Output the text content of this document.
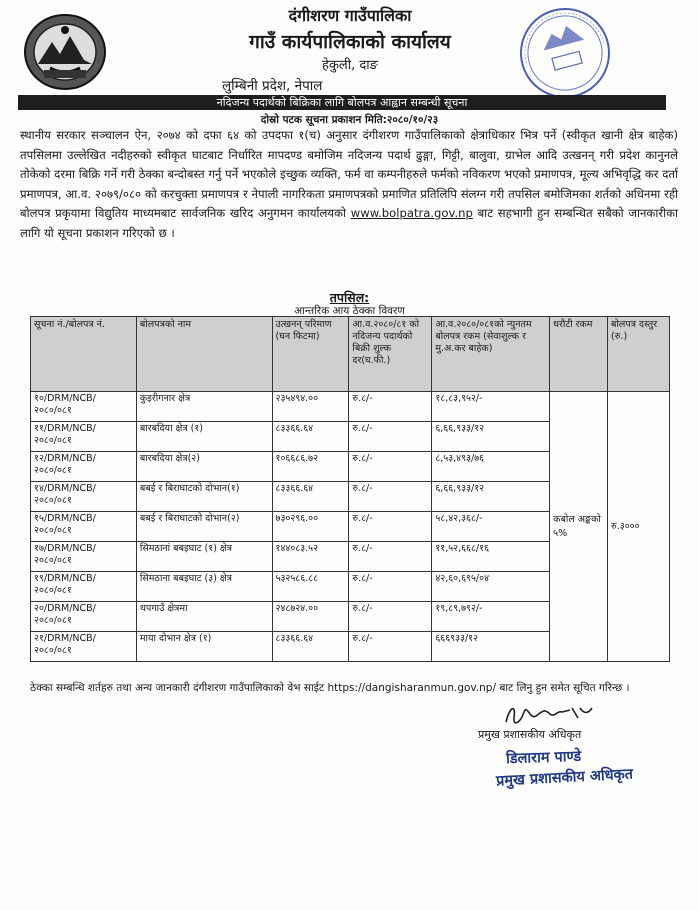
दंगीशरण गाउँपालिका
गाउँ कार्यपालिकाको कार्यालय
हेकुली, दाङ
लुम्बिनी प्रदेश, नेपाल
नदिजन्य पदार्थको बिक्रिका लागि बोलपत्र आह्वान सम्बन्धी सूचना
दोस्रो पटक सूचना प्रकाशन मिति:२०८०/१०/२३
स्थानीय सरकार सञ्चालन ऐन, २०७४ को दफा ६४ को उपदफा १(च) अनुसार दंगीशरण गाउँपालिकाको क्षेत्राधिकार भित्र पर्ने (स्वीकृत खानी क्षेत्र बाहेक) तपसिलमा उल्लेखित नदीहरुको स्वीकृत घाटबाट निर्धारित मापदण्ड बमोजिम नदिजन्य पदार्थ ढुङ्गा, गिट्टी, बालुवा, ग्राभेल आदि उत्खनन् गरी प्रदेश कानुनले तोकेको दरमा बिक्रि गर्ने गरी ठेक्का बन्दोबस्त गर्नु पर्ने भएकोले इच्छुक व्यक्ति, फर्म वा कम्पनीहरुले फर्मको नविकरण भएको प्रमाणपत्र, मूल्य अभिवृद्धि कर दर्ता प्रमाणपत्र, आ.व. २०७९/०८० को करचुक्ता प्रमाणपत्र र नेपाली नागरिकता प्रमाणपत्रको प्रमाणित प्रतिलिपि संलग्न गरी तपसिल बमोजिमका शर्तको अधिनमा रही बोलपत्र प्रकृयामा विद्युतिय माध्यमबाट सार्वजनिक खरिद अनुगमन कार्यालयको www.bolpatra.gov.np बाट सहभागी हुन सम्बन्धित सबैको जानकारीका लागि यो सूचना प्रकाशन गरिएको छ ।
तपसिल:
आन्तरिक आय ठेक्का विवरण
सूचना नं./बोलपत्र नं.	बोलपत्रको नाम	उत्खनन् परिमाण (घन फिटमा)	आ.व.२०८०/८१ को नदिजन्य पदार्थको बिक्री शुल्क दर(घ.फी.)	आ.व.२०८०/०८१को न्युनतम बोलपत्र रकम (सेवाशुल्क र मु.अ.कर बाहेक)	धरौटी रकम	बोलपत्र दस्तुर (रु.)
१०/DRM/NCB/२०८०/०८१	कुइरीगनार क्षेत्र	२३५४९४.००	रु.८/-	१८,८३,९५२/-	कबोल अङ्कको ५%	रु.३०००
११/DRM/NCB/२०८०/०८१	बारबदिया क्षेत्र (१)	८३३६६.६४	रु.८/-	६,६६,९३३/१२		
१२/DRM/NCB/२०८०/०८१	बारबदिया क्षेत्र(२)	१०६६८६.७२	रु.८/-	८,५३,४९३/७६		
१४/DRM/NCB/२०८०/०८१	बबई र बिराघाटको दोभान(१)	८३३६६.६४	रु.८/-	६,६६,९३३/१२		
१५/DRM/NCB/२०८०/०८१	बबई र बिराघाटको दोभान(२)	७३०२९६.००	रु.८/-	५८,४२,३६८/-		
१७/DRM/NCB/२०८०/०८१	सिमठानां बबइघाट (१) क्षेत्र	१४४०८३.५२	रु.८/-	११,५२,६६८/१६		
१९/DRM/NCB/२०८०/०८१	सिमठाना बबइघाट (३) क्षेत्र	५३२५८६.८८	रु.८/-	४२,६०,६९५/०४		
२०/DRM/NCB/२०८०/०८१	थपगाउँ क्षेत्रमा	२४८७२४.००	रु.८/-	१९,८९,७९२/-		
२१/DRM/NCB/२०८०/०८१	माया दोभान क्षेत्र (१)	८३३६६.६४	रु.८/-	६६६९३३/१२		
ठेक्का सम्बन्धि शर्तहरु तथा अन्य जानकारी दंगीशरण गाउँपालिकाको वेभ साईट https://dangisharanmun.gov.np/ बाट लिनु हुन समेत सूचित गरिन्छ ।
प्रमुख प्रशासकीय अधिकृत
डिलाराम पाण्डे
प्रमुख प्रशासकीय अधिकृत
